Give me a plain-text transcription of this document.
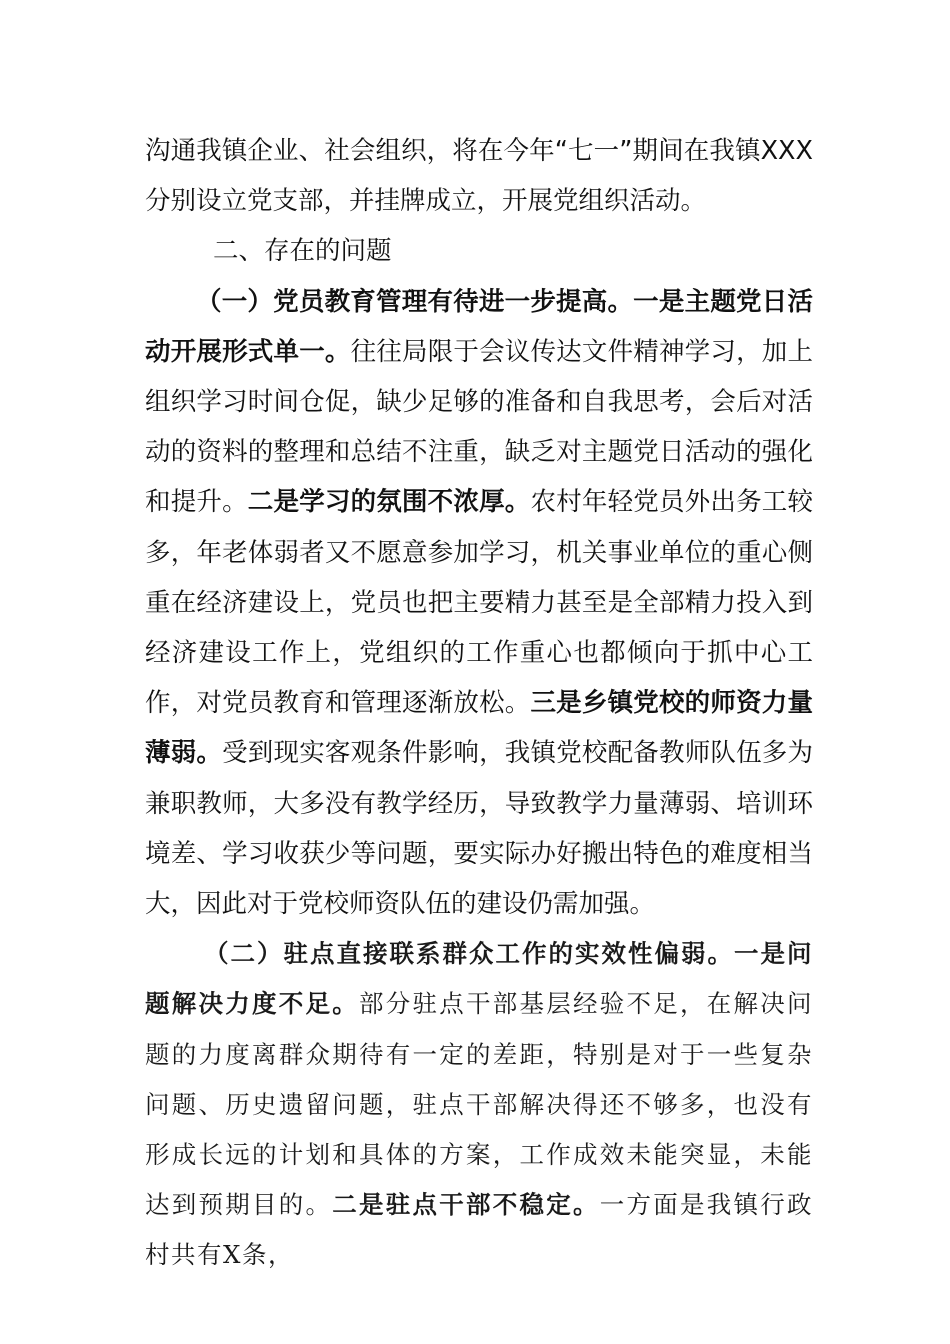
沟通我镇企业、社会组织，将在今年“七一”期间在我镇XXX分别设立党支部，并挂牌成立，开展党组织活动。

二、存在的问题

（一）党员教育管理有待进一步提高。一是主题党日活动开展形式单一。往往局限于会议传达文件精神学习，加上组织学习时间仓促，缺少足够的准备和自我思考，会后对活动的资料的整理和总结不注重，缺乏对主题党日活动的强化和提升。二是学习的氛围不浓厚。农村年轻党员外出务工较多，年老体弱者又不愿意参加学习，机关事业单位的重心侧重在经济建设上，党员也把主要精力甚至是全部精力投入到经济建设工作上，党组织的工作重心也都倾向于抓中心工作，对党员教育和管理逐渐放松。三是乡镇党校的师资力量薄弱。受到现实客观条件影响，我镇党校配备教师队伍多为兼职教师，大多没有教学经历，导致教学力量薄弱、培训环境差、学习收获少等问题，要实际办好搬出特色的难度相当大，因此对于党校师资队伍的建设仍需加强。

（二）驻点直接联系群众工作的实效性偏弱。一是问题解决力度不足。部分驻点干部基层经验不足，在解决问题的力度离群众期待有一定的差距，特别是对于一些复杂问题、历史遗留问题，驻点干部解决得还不够多，也没有形成长远的计划和具体的方案，工作成效未能突显，未能达到预期目的。二是驻点干部不稳定。一方面是我镇行政村共有X条，
